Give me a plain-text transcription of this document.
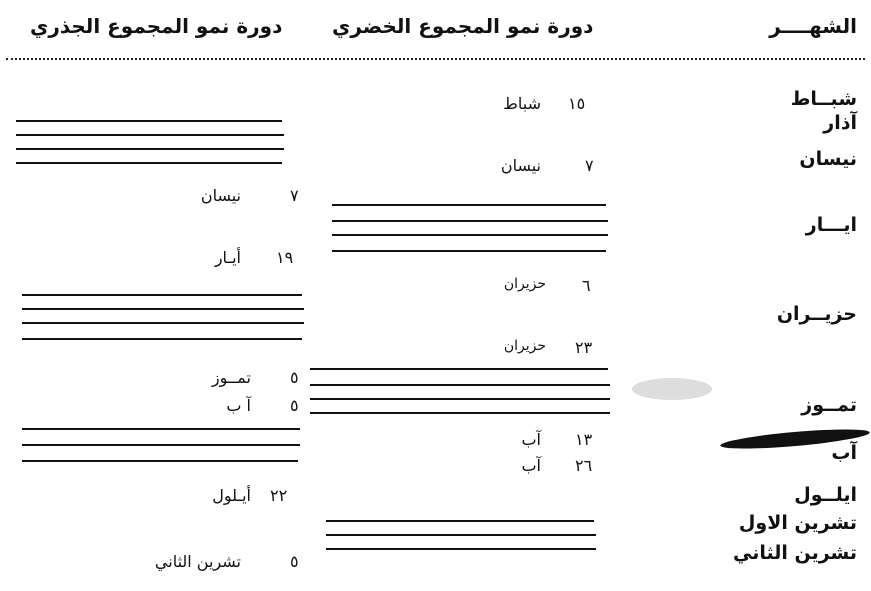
الشهــــر
دورة نمو المجموع الخضري
دورة نمو المجموع الجذري
شبــاط
آذار
نيسان
ايـــار
حزيــران
تمــوز
آب
ايلــول
تشرين الاول
تشرين الثاني
١٥
شباط
٧
نيسان
٦
حزيران
٢٣
حزيران
١٣
آب
٢٦
آب
٧
نيسان
١٩
أيـار
٥
تمــوز
٥
آ ب
٢٢
أيـلول
٥
تشرين الثاني
